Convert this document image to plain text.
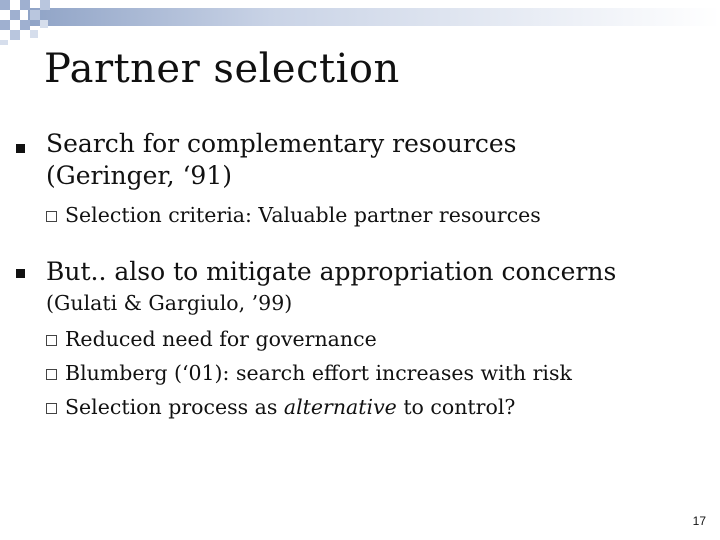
Partner selection
Search for complementary resources
(Geringer, ‘91)
Selection criteria: Valuable partner resources
But.. also to mitigate appropriation concerns
(Gulati & Gargiulo, ’99)
Reduced need for governance
Blumberg (‘01): search effort increases with risk
Selection process as alternative to control?
17
